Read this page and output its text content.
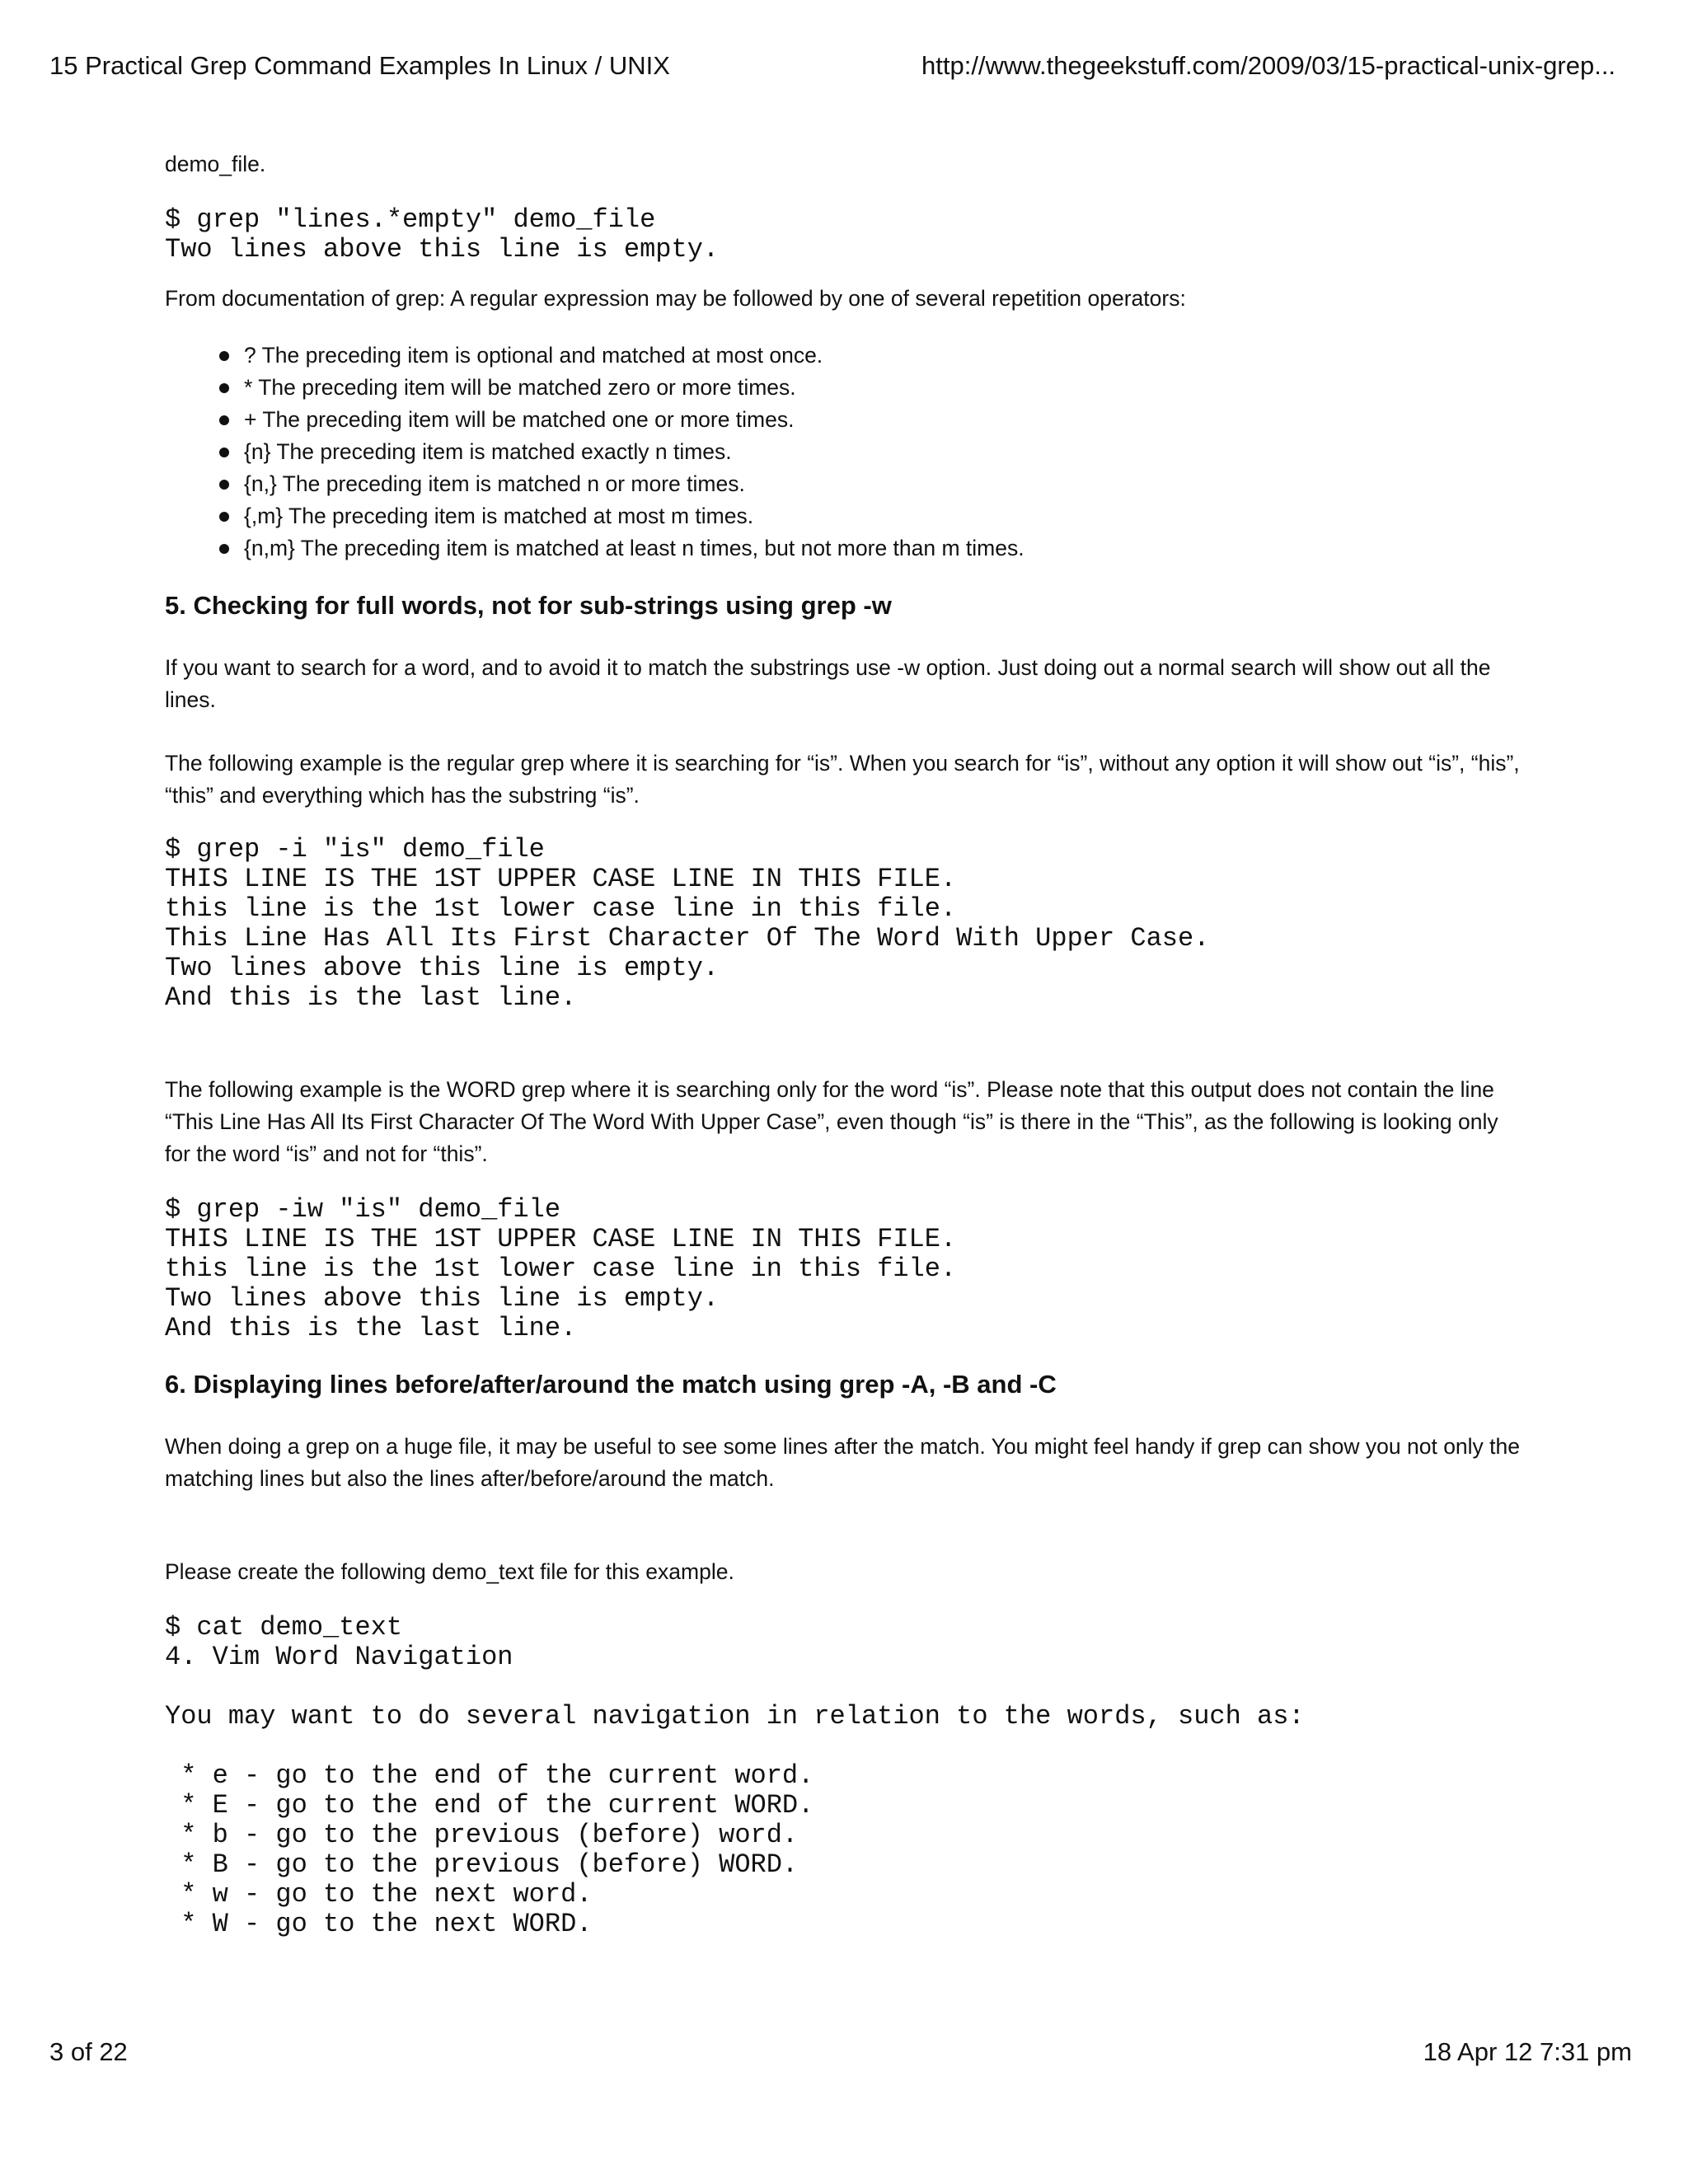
15 Practical Grep Command Examples In Linux / UNIX	http://www.thegeekstuff.com/2009/03/15-practical-unix-grep...

demo_file.

$ grep "lines.*empty" demo_file
Two lines above this line is empty.

From documentation of grep: A regular expression may be followed by one of several repetition operators:

? The preceding item is optional and matched at most once.
* The preceding item will be matched zero or more times.
+ The preceding item will be matched one or more times.
{n} The preceding item is matched exactly n times.
{n,} The preceding item is matched n or more times.
{,m} The preceding item is matched at most m times.
{n,m} The preceding item is matched at least n times, but not more than m times.
5. Checking for full words, not for sub-strings using grep -w

If you want to search for a word, and to avoid it to match the substrings use -w option. Just doing out a normal search will show out all the lines.

The following example is the regular grep where it is searching for “is”. When you search for “is”, without any option it will show out “is”, “his”, “this” and everything which has the substring “is”.

$ grep -i "is" demo_file
THIS LINE IS THE 1ST UPPER CASE LINE IN THIS FILE.
this line is the 1st lower case line in this file.
This Line Has All Its First Character Of The Word With Upper Case.
Two lines above this line is empty.
And this is the last line.

The following example is the WORD grep where it is searching only for the word “is”. Please note that this output does not contain the line “This Line Has All Its First Character Of The Word With Upper Case”, even though “is” is there in the “This”, as the following is looking only for the word “is” and not for “this”.

$ grep -iw "is" demo_file
THIS LINE IS THE 1ST UPPER CASE LINE IN THIS FILE.
this line is the 1st lower case line in this file.
Two lines above this line is empty.
And this is the last line.
6. Displaying lines before/after/around the match using grep -A, -B and -C

When doing a grep on a huge file, it may be useful to see some lines after the match. You might feel handy if grep can show you not only the matching lines but also the lines after/before/around the match.

Please create the following demo_text file for this example.

$ cat demo_text
4. Vim Word Navigation

You may want to do several navigation in relation to the words, such as:

* e - go to the end of the current word.
* E - go to the end of the current WORD.
* b - go to the previous (before) word.
* B - go to the previous (before) WORD.
* w - go to the next word.
* W - go to the next WORD.
3 of 22	18 Apr 12 7:31 pm
